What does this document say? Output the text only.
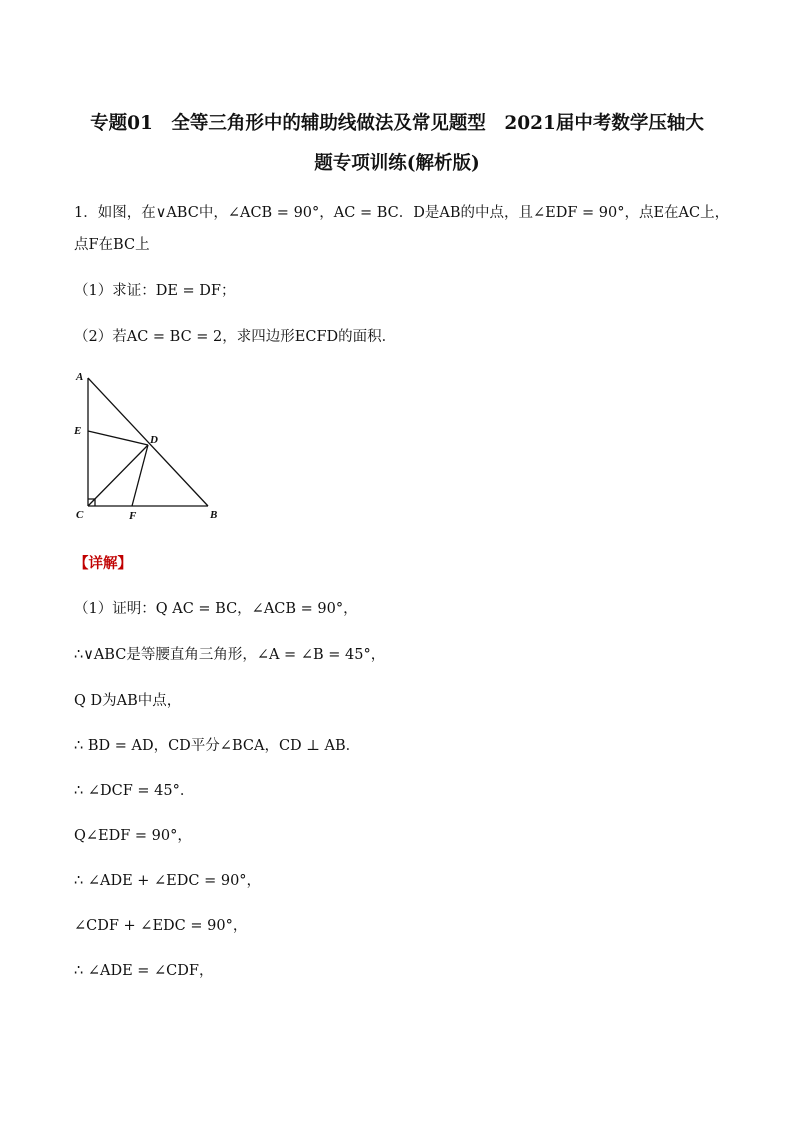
专题01　全等三角形中的辅助线做法及常见题型　2021届中考数学压轴大
题专项训练(解析版)
1．如图，在∨ABC中，∠ACB = 90°，AC = BC．D是AB的中点，且∠EDF = 90°，点E在AC上，
点F在BC上
（1）求证：DE = DF；
（2）若AC = BC = 2，求四边形ECFD的面积．
A
E
D
C	F	B
【详解】
（1）证明：Q AC = BC，∠ACB = 90°，
∴∨ABC是等腰直角三角形，∠A = ∠B = 45°，
Q D为AB中点，
∴ BD = AD，CD平分∠BCA，CD ⊥ AB．
∴ ∠DCF = 45°．
Q∠EDF = 90°，
∴ ∠ADE + ∠EDC = 90°，
∠CDF + ∠EDC = 90°，
∴ ∠ADE = ∠CDF，
